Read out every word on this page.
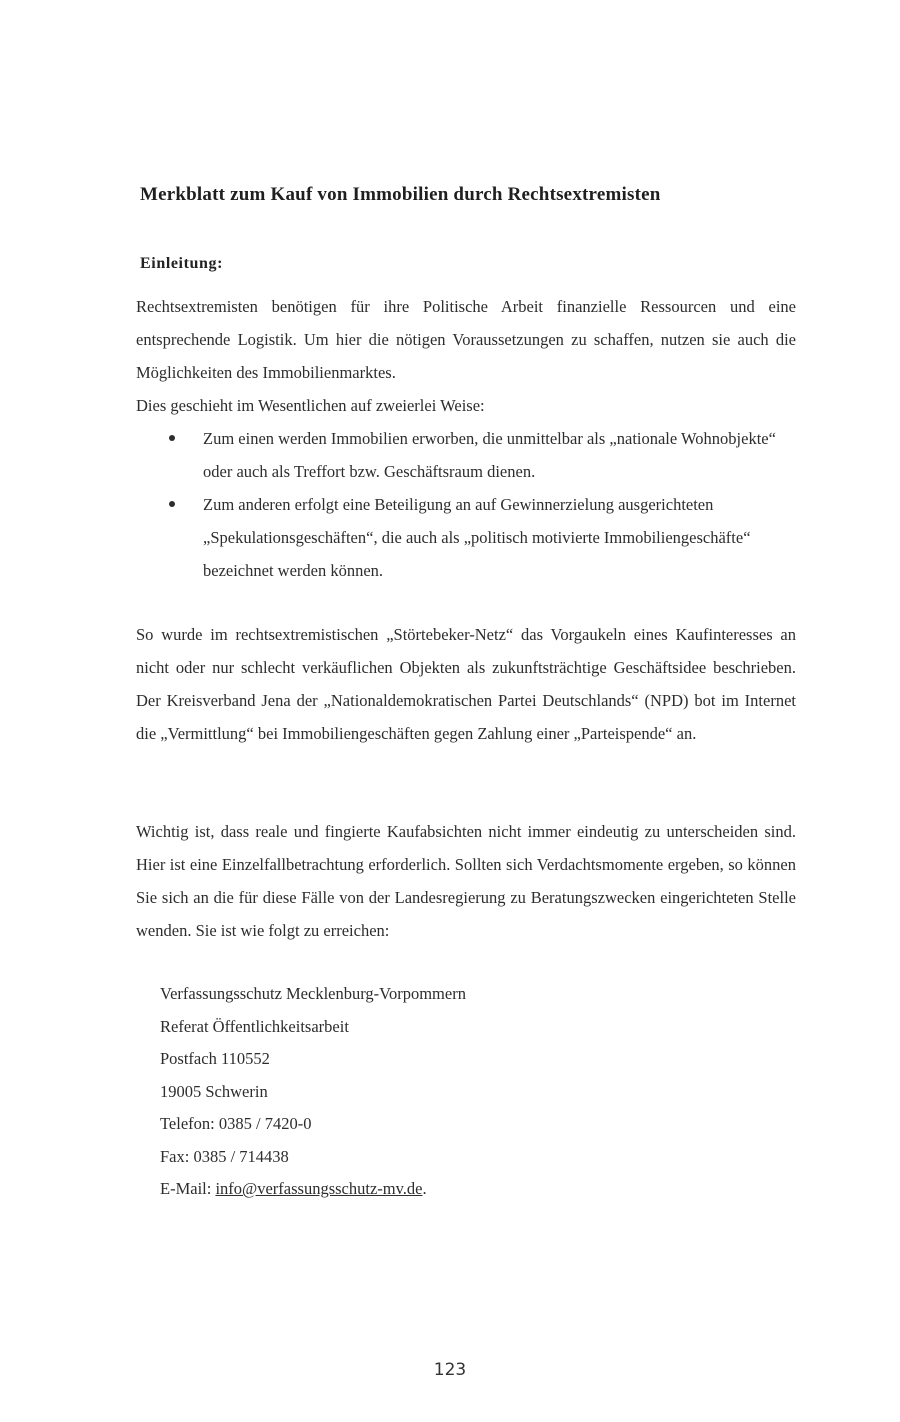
Merkblatt zum Kauf von Immobilien durch Rechtsextremisten
Einleitung:

Rechtsextremisten benötigen für ihre Politische Arbeit finanzielle Ressourcen und eine entsprechende Logistik. Um hier die nötigen Voraussetzungen zu schaffen, nutzen sie auch die Möglichkeiten des Immobilienmarktes.

Dies geschieht im Wesentlichen auf zweierlei Weise:

Zum einen werden Immobilien erworben, die unmittelbar als „nationale Wohnobjekte“ oder auch als Treffort bzw. Geschäftsraum dienen.
Zum anderen erfolgt eine Beteiligung an auf Gewinnerzielung ausgerichteten „Spekulationsgeschäften“, die auch als „politisch motivierte Immobiliengeschäfte“ bezeichnet werden können.

So wurde im rechtsextremistischen „Störtebeker-Netz“ das Vorgaukeln eines Kaufinteresses an nicht oder nur schlecht verkäuflichen Objekten als zukunftsträchtige Geschäftsidee beschrieben. Der Kreisverband Jena der „Nationaldemokratischen Partei Deutschlands“ (NPD) bot im Internet die „Vermittlung“ bei Immobiliengeschäften gegen Zahlung einer „Parteispende“ an.

Wichtig ist, dass reale und fingierte Kaufabsichten nicht immer eindeutig zu unterscheiden sind. Hier ist eine Einzelfallbetrachtung erforderlich. Sollten sich Verdachtsmomente ergeben, so können Sie sich an die für diese Fälle von der Landesregierung zu Beratungszwecken eingerichteten Stelle wenden. Sie ist wie folgt zu erreichen:

Verfassungsschutz Mecklenburg-Vorpommern
Referat Öffentlichkeitsarbeit
Postfach 110552
19005 Schwerin
Telefon: 0385 / 7420-0
Fax: 0385 / 714438
E-Mail: info@verfassungsschutz-mv.de.
123
